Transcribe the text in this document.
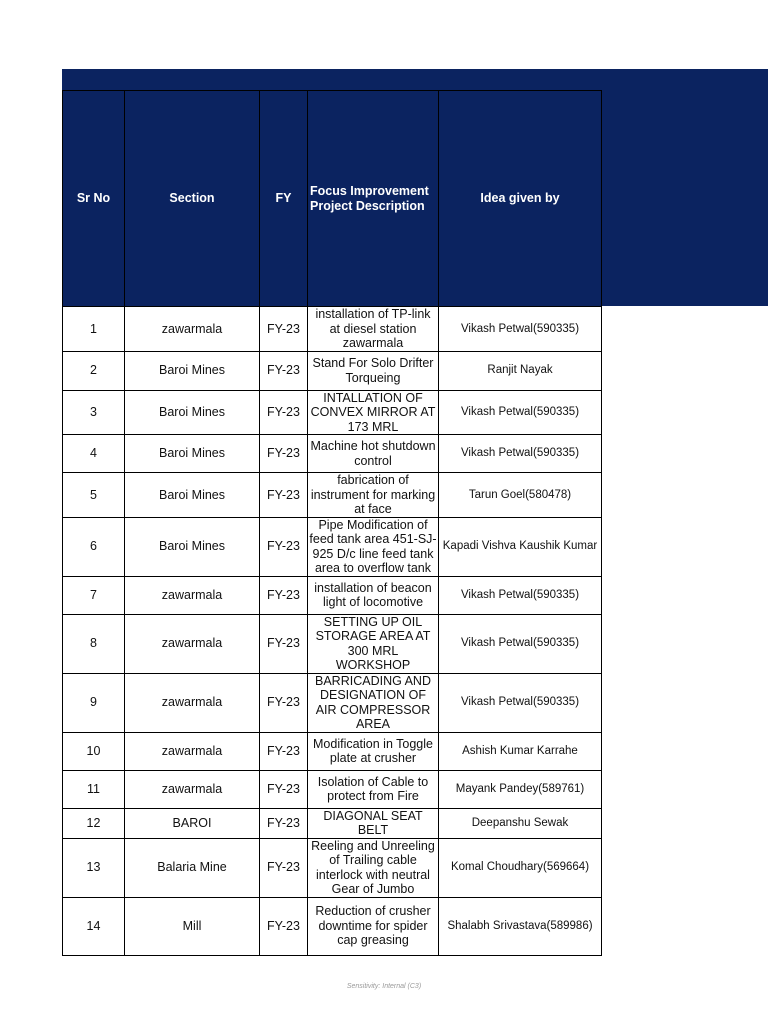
Sr No	Section	FY	Focus Improvement Project Description	Idea given by
1	zawarmala	FY-23	installation of TP-link at diesel station zawarmala	Vikash Petwal(590335)
2	Baroi Mines	FY-23	Stand For Solo Drifter Torqueing	Ranjit Nayak
3	Baroi Mines	FY-23	INTALLATION OF CONVEX MIRROR AT 173 MRL	Vikash Petwal(590335)
4	Baroi Mines	FY-23	Machine hot shutdown control	Vikash Petwal(590335)
5	Baroi Mines	FY-23	fabrication of instrument for marking at face	Tarun Goel(580478)
6	Baroi Mines	FY-23	Pipe Modification of feed tank area 451-SJ-925 D/c line feed tank area to overflow tank	Kapadi Vishva Kaushik Kumar
7	zawarmala	FY-23	installation of beacon light of locomotive	Vikash Petwal(590335)
8	zawarmala	FY-23	SETTING UP OIL STORAGE AREA AT 300 MRL WORKSHOP	Vikash Petwal(590335)
9	zawarmala	FY-23	BARRICADING AND DESIGNATION OF AIR COMPRESSOR AREA	Vikash Petwal(590335)
10	zawarmala	FY-23	Modification in Toggle plate at crusher	Ashish Kumar Karrahe
11	zawarmala	FY-23	Isolation of Cable to protect from Fire	Mayank Pandey(589761)
12	BAROI	FY-23	DIAGONAL SEAT BELT	Deepanshu Sewak
13	Balaria Mine	FY-23	Reeling and Unreeling of Trailing cable interlock with neutral Gear of Jumbo	Komal Choudhary(569664)
14	Mill	FY-23	Reduction of crusher downtime for spider cap greasing	Shalabh Srivastava(589986)
Sensitivity: Internal (C3)
